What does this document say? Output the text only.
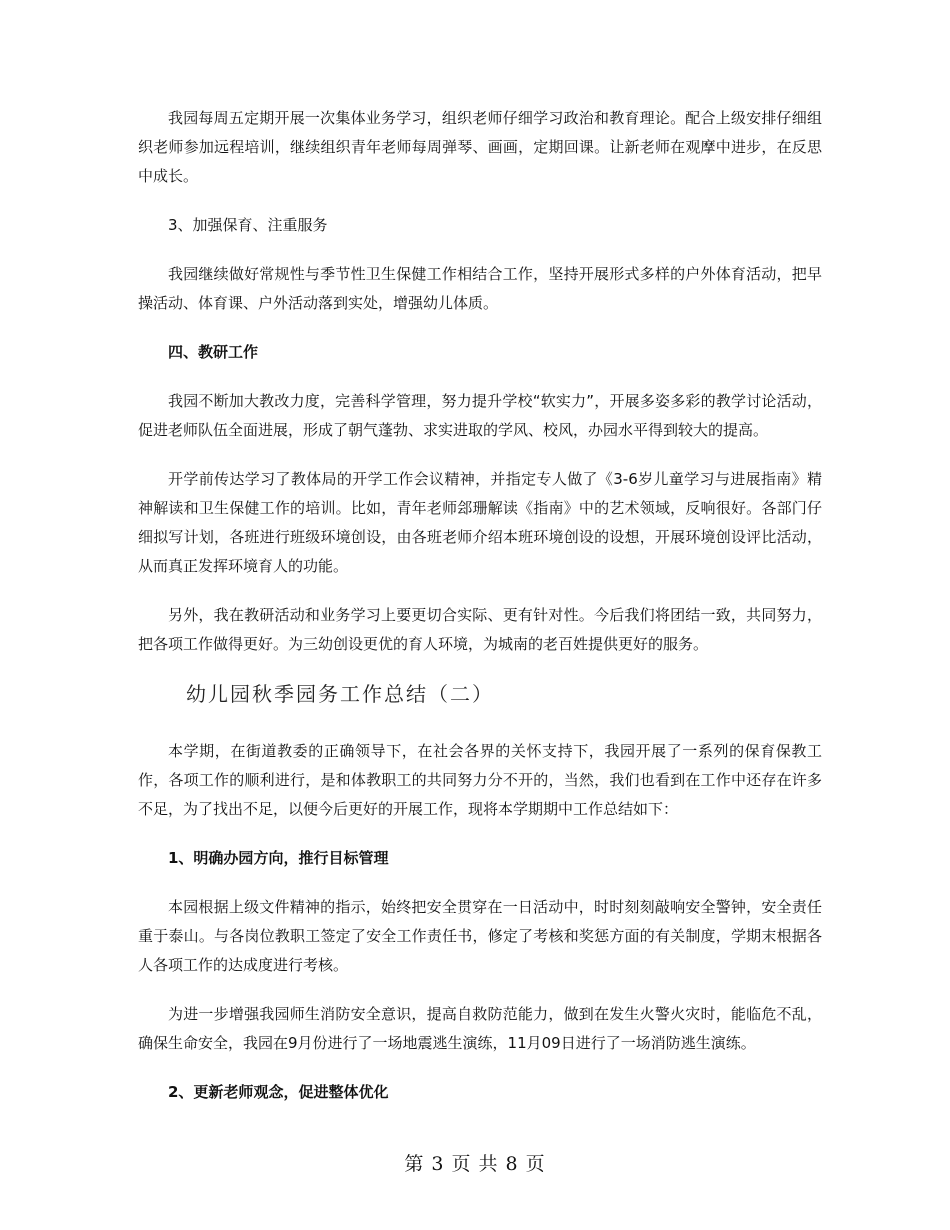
我园每周五定期开展一次集体业务学习，组织老师仔细学习政治和教育理论。配合上级安排仔细组织老师参加远程培训，继续组织青年老师每周弹琴、画画，定期回课。让新老师在观摩中进步，在反思中成长。

3、加强保育、注重服务

我园继续做好常规性与季节性卫生保健工作相结合工作，坚持开展形式多样的户外体育活动，把早操活动、体育课、户外活动落到实处，增强幼儿体质。

四、教研工作

我园不断加大教改力度，完善科学管理，努力提升学校“软实力”，开展多姿多彩的教学讨论活动，促进老师队伍全面进展，形成了朝气蓬勃、求实进取的学风、校风，办园水平得到较大的提高。

开学前传达学习了教体局的开学工作会议精神，并指定专人做了《3-6岁儿童学习与进展指南》精神解读和卫生保健工作的培训。比如，青年老师郐珊解读《指南》中的艺术领域，反响很好。各部门仔细拟写计划，各班进行班级环境创设，由各班老师介绍本班环境创设的设想，开展环境创设评比活动，从而真正发挥环境育人的功能。

另外，我在教研活动和业务学习上要更切合实际、更有针对性。今后我们将团结一致，共同努力，把各项工作做得更好。为三幼创设更优的育人环境，为城南的老百姓提供更好的服务。

幼儿园秋季园务工作总结（二）

本学期，在街道教委的正确领导下，在社会各界的关怀支持下，我园开展了一系列的保育保教工作，各项工作的顺利进行，是和体教职工的共同努力分不开的，当然，我们也看到在工作中还存在许多不足，为了找出不足，以便今后更好的开展工作，现将本学期期中工作总结如下：

1、明确办园方向，推行目标管理

本园根据上级文件精神的指示，始终把安全贯穿在一日活动中，时时刻刻敲响安全警钟，安全责任重于泰山。与各岗位教职工签定了安全工作责任书，修定了考核和奖惩方面的有关制度，学期末根据各人各项工作的达成度进行考核。

为进一步增强我园师生消防安全意识，提高自救防范能力，做到在发生火警火灾时，能临危不乱，确保生命安全，我园在9月份进行了一场地震逃生演练，11月09日进行了一场消防逃生演练。

2、更新老师观念，促进整体优化

第 3 页 共 8 页
